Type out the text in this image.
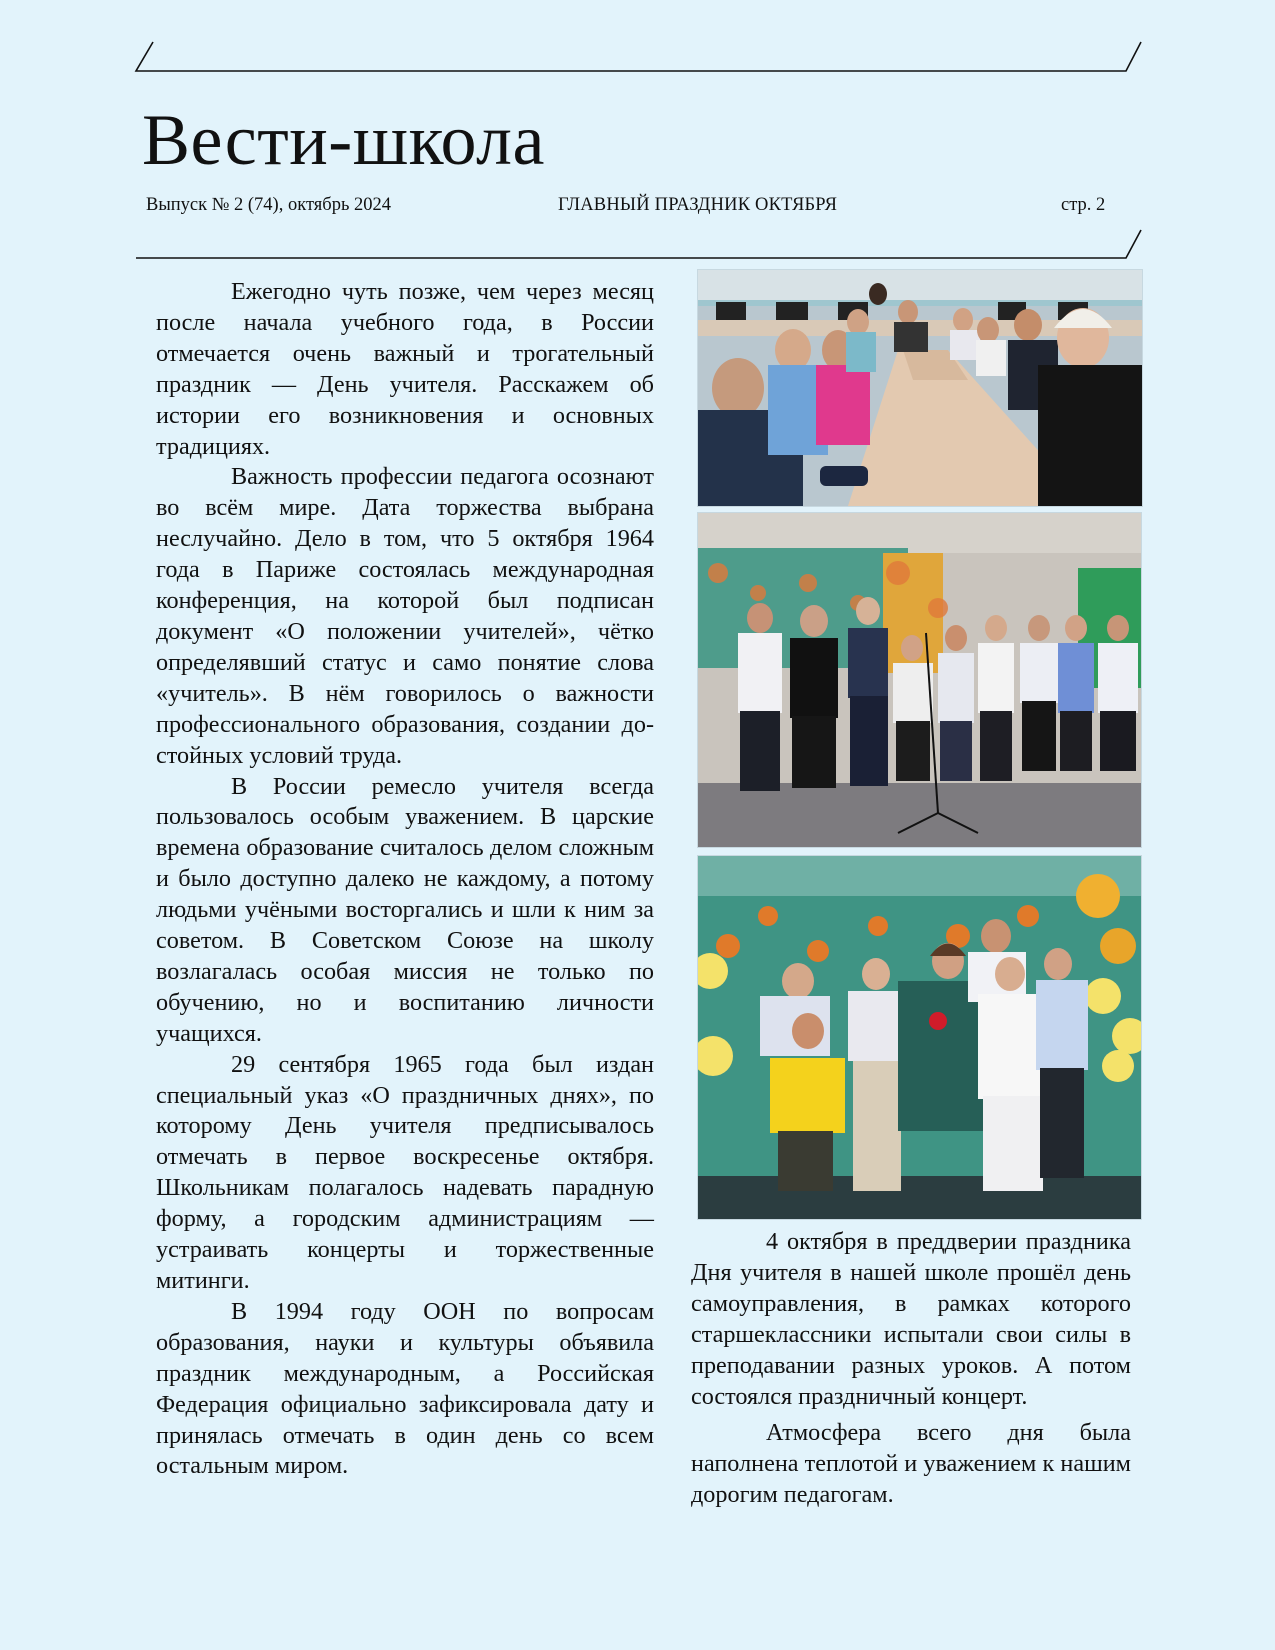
Вести-школа
Выпуск № 2 (74), октябрь 2024	ГЛАВНЫЙ ПРАЗДНИК ОКТЯБРЯ	стр. 2

Ежегодно чуть позже, чем через месяц после начала учебного года, в России отмечается очень важный и трогательный праздник — День учителя. Расскажем об истории его возникновения и основных традициях.

Важность профессии педагога осознают во всём мире. Дата торжества выбрана неслучайно. Дело в том, что 5 октября 1964 года в Париже состоялась международная конференция, на которой был подписан документ «О положении учителей», чётко определявший статус и само понятие слова «учитель». В нём говорилось о важности профессионального образования, создании достойных условий труда.

В России ремесло учителя всегда пользовалось особым уважением. В царские времена образование считалось делом сложным и было доступно далеко не каждому, а потому людьми учёными восторгались и шли к ним за советом. В Советском Союзе на школу возлагалась особая миссия не только по обучению, но и воспитанию личности учащихся.

29 сентября 1965 года был издан специальный указ «О праздничных днях», по которому День учителя предписывалось отмечать в первое воскресенье октября. Школьникам полагалось надевать парадную форму, а городским администрациям — устраивать концерты и торжественные митинги.

В 1994 году ООН по вопросам образования, науки и культуры объявила праздник международным, а Российская Федерация официально зафиксировала дату и принялась отмечать в один день со всем остальным миром.

4 октября в преддверии праздника Дня учителя в нашей школе прошёл день самоуправления, в рамках которого старшеклассники испытали свои силы в преподавании разных уроков. А потом состоялся праздничный концерт.

Атмосфера всего дня была наполнена теплотой и уважением к нашим дорогим педагогам.
